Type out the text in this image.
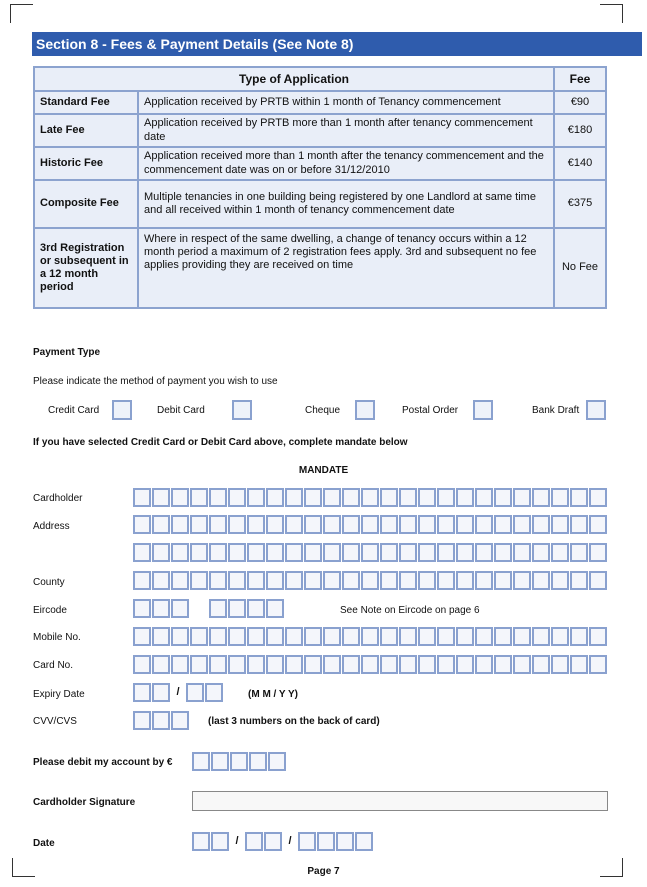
Section 8 - Fees & Payment Details (See Note 8)
Type of Application		Fee
Standard Fee	Application received by PRTB within 1 month of Tenancy commencement	€90
Late Fee	Application received by PRTB more than 1 month after tenancy commencement date	€180
Historic Fee	Application received more than 1 month after the tenancy commencement and the commencement date was on or before 31/12/2010	€140
Composite Fee	Multiple tenancies in one building being registered by one Landlord at same time and all received within 1 month of tenancy commencement date	€375
3rd Registration or subsequent in a 12 month period	Where in respect of the same dwelling, a change of tenancy occurs within a 12 month period a maximum of 2 registration fees apply. 3rd and subsequent no fee applies providing they are received on time	No Fee
Payment Type
Please indicate the method of payment you wish to use
Credit Card	Debit Card	Cheque	Postal Order	Bank Draft
If you have selected Credit Card or Debit Card above, complete mandate below
MANDATE
Cardholder
Address
County
Eircode	See Note on Eircode on page 6
Mobile No.
Card No.
Expiry Date	/	(M M / Y Y)
CVV/CVS	(last 3 numbers on the back of card)
Please debit my account by €
Cardholder Signature
Date	/	/
Page 7
